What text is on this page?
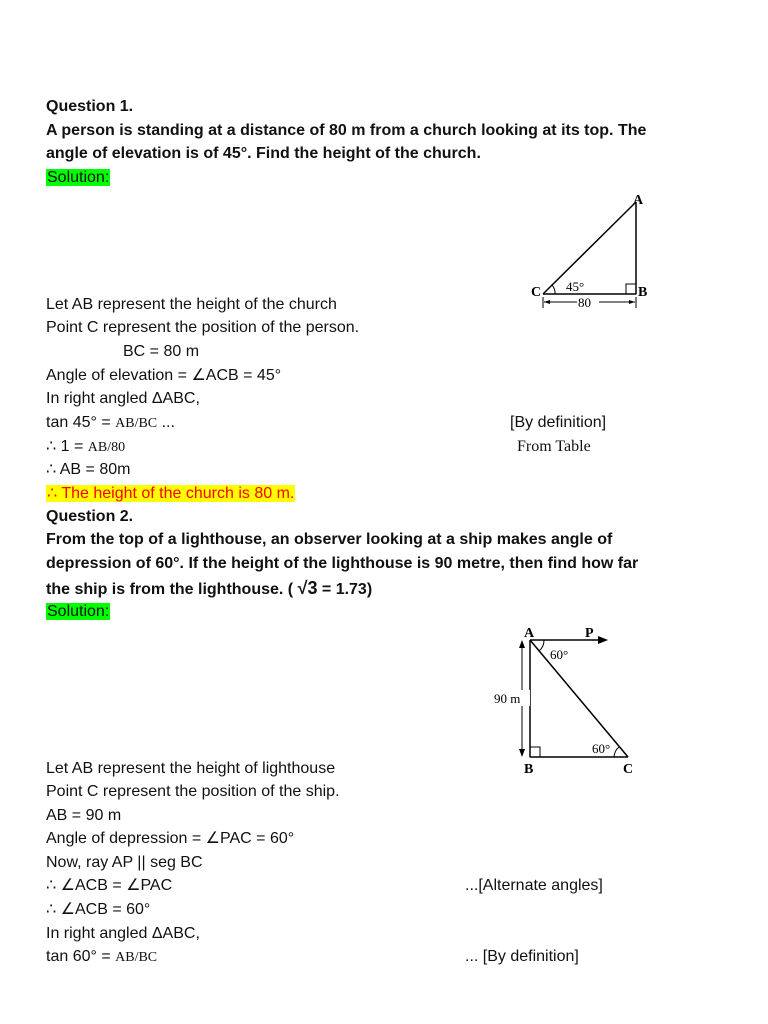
Question 1.
A person is standing at a distance of 80 m from a church looking at its top. The
angle of elevation is of 45°. Find the height of the church.
Solution:
A
B
C 45°
80
Let AB represent the height of the church
Point C represent the position of the person.
BC = 80 m
Angle of elevation = ∠ACB = 45°
In right angled ΔABC,
tan 45° = AB/BC ...	[By definition]
∴ 1 = AB/80	From Table
∴ AB = 80m
∴ The height of the church is 80 m.
Question 2.
From the top of a lighthouse, an observer looking at a ship makes angle of
depression of 60°. If the height of the lighthouse is 90 metre, then find how far
the ship is from the lighthouse. ( √3 = 1.73)
Solution:
A	P
B	C
60°
60°
90 m
Let AB represent the height of lighthouse
Point C represent the position of the ship.
AB = 90 m
Angle of depression = ∠PAC = 60°
Now, ray AP || seg BC
∴ ∠ACB = ∠PAC	...[Alternate angles]
∴ ∠ACB = 60°
In right angled ΔABC,
tan 60° = AB/BC	... [By definition]
